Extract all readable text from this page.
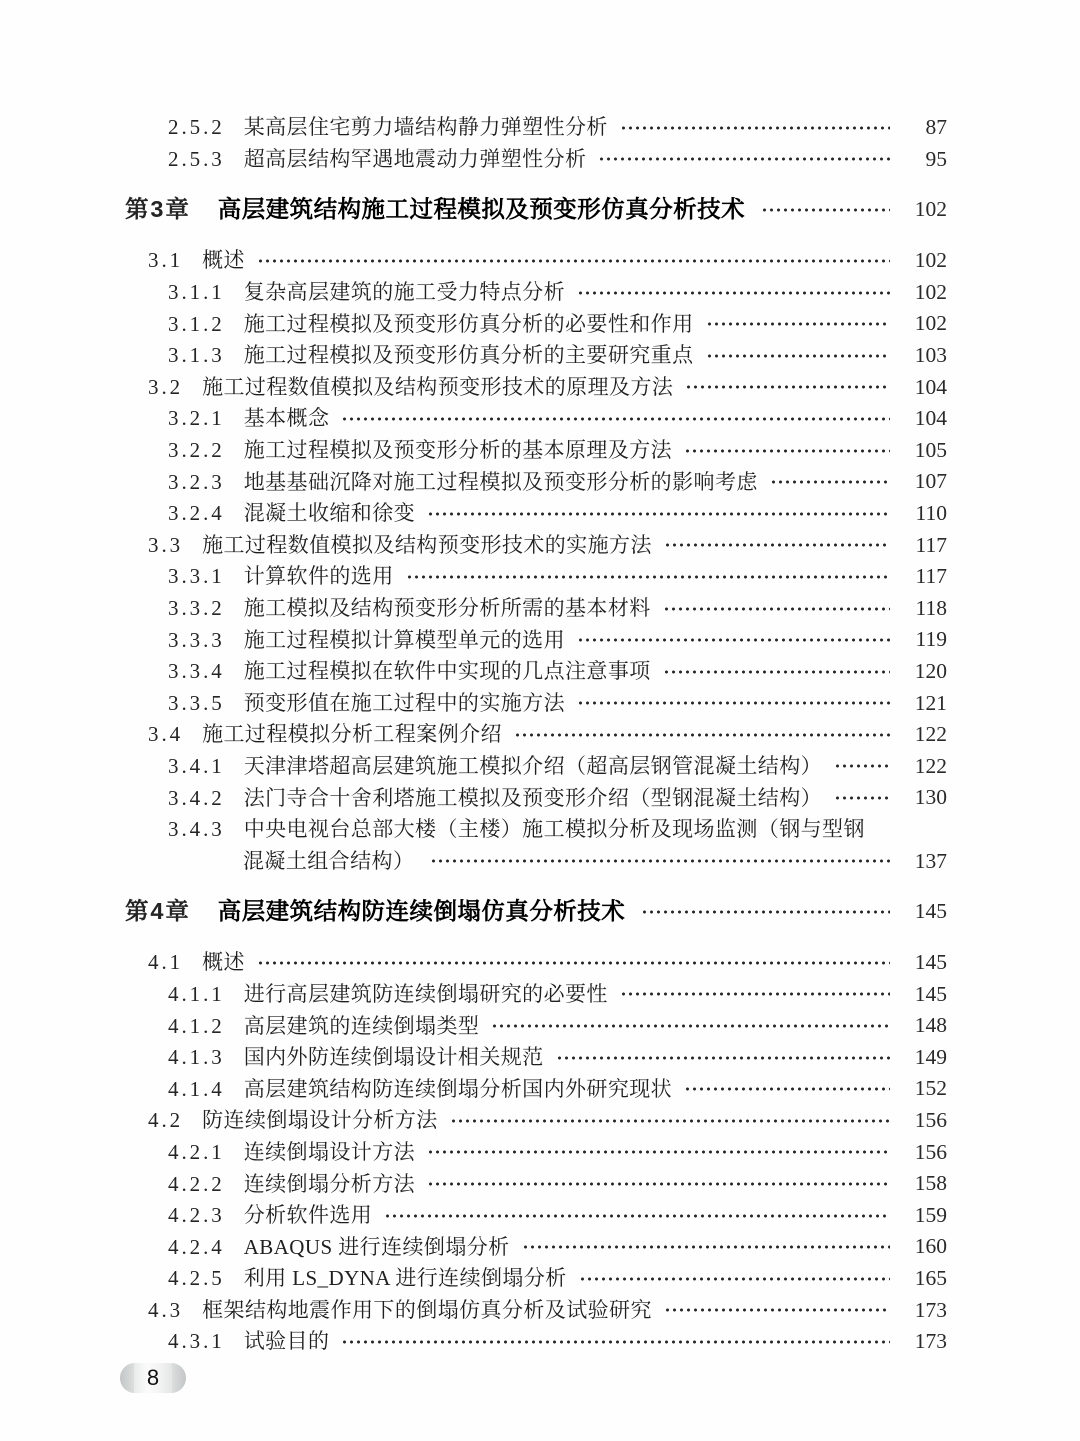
2.5.2 某高层住宅剪力墙结构静力弹塑性分析	87
2.5.3 超高层结构罕遇地震动力弹塑性分析	95
第3章 高层建筑结构施工过程模拟及预变形仿真分析技术	102
3.1 概述	102
3.1.1 复杂高层建筑的施工受力特点分析	102
3.1.2 施工过程模拟及预变形仿真分析的必要性和作用	102
3.1.3 施工过程模拟及预变形仿真分析的主要研究重点	103
3.2 施工过程数值模拟及结构预变形技术的原理及方法	104
3.2.1 基本概念	104
3.2.2 施工过程模拟及预变形分析的基本原理及方法	105
3.2.3 地基基础沉降对施工过程模拟及预变形分析的影响考虑	107
3.2.4 混凝土收缩和徐变	110
3.3 施工过程数值模拟及结构预变形技术的实施方法	117
3.3.1 计算软件的选用	117
3.3.2 施工模拟及结构预变形分析所需的基本材料	118
3.3.3 施工过程模拟计算模型单元的选用	119
3.3.4 施工过程模拟在软件中实现的几点注意事项	120
3.3.5 预变形值在施工过程中的实施方法	121
3.4 施工过程模拟分析工程案例介绍	122
3.4.1 天津津塔超高层建筑施工模拟介绍（超高层钢管混凝土结构）	122
3.4.2 法门寺合十舍利塔施工模拟及预变形介绍（型钢混凝土结构）	130
3.4.3 中央电视台总部大楼（主楼）施工模拟分析及现场监测（钢与型钢
混凝土组合结构）	137
第4章 高层建筑结构防连续倒塌仿真分析技术	145
4.1 概述	145
4.1.1 进行高层建筑防连续倒塌研究的必要性	145
4.1.2 高层建筑的连续倒塌类型	148
4.1.3 国内外防连续倒塌设计相关规范	149
4.1.4 高层建筑结构防连续倒塌分析国内外研究现状	152
4.2 防连续倒塌设计分析方法	156
4.2.1 连续倒塌设计方法	156
4.2.2 连续倒塌分析方法	158
4.2.3 分析软件选用	159
4.2.4 ABAQUS 进行连续倒塌分析	160
4.2.5 利用 LS_DYNA 进行连续倒塌分析	165
4.3 框架结构地震作用下的倒塌仿真分析及试验研究	173
4.3.1 试验目的	173
8
